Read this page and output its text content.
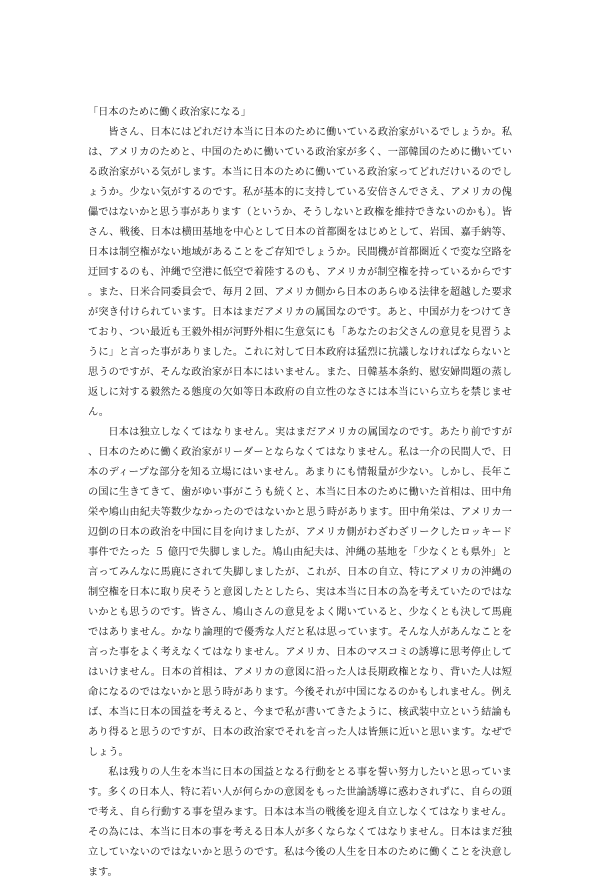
「日本のために働く政治家になる」

皆さん、日本にはどれだけ本当に日本のために働いている政治家がいるでしょうか。私は、アメリカのためと、中国のために働いている政治家が多く、一部韓国のために働いている政治家がいる気がします。本当に日本のために働いている政治家ってどれだけいるのでしょうか。少ない気がするのです。私が基本的に支持している安倍さんでさえ、アメリカの傀儡ではないかと思う事があります（というか、そうしないと政権を維持できないのかも）。皆さん、戦後、日本は横田基地を中心として日本の首都圏をはじめとして、岩国、嘉手納等、日本は制空権がない地域があることをご存知でしょうか。民間機が首都圏近くで変な空路を迂回するのも、沖縄で空港に低空で着陸するのも、アメリカが制空権を持っているからです。また、日米合同委員会で、毎月２回、アメリカ側から日本のあらゆる法律を超越した要求が突き付けられています。日本はまだアメリカの属国なのです。あと、中国が力をつけてきており、つい最近も王毅外相が河野外相に生意気にも「あなたのお父さんの意見を見習うように」と言った事がありました。これに対して日本政府は猛烈に抗議しなければならないと思うのですが、そんな政治家が日本にはいません。また、日韓基本条約、慰安婦問題の蒸し返しに対する毅然たる態度の欠如等日本政府の自立性のなさには本当にいら立ちを禁じません。

日本は独立しなくてはなりません。実はまだアメリカの属国なのです。あたり前ですが、日本のために働く政治家がリーダーとならなくてはなりません。私は一介の民間人で、日本のディープな部分を知る立場にはいません。あまりにも情報量が少ない。しかし、長年この国に生きてきて、歯がゆい事がこうも続くと、本当に日本のために働いた首相は、田中角栄や鳩山由紀夫等数少なかったのではないかと思う時があります。田中角栄は、アメリカ一辺倒の日本の政治を中国に目を向けましたが、アメリカ側がわざわざリークしたロッキード事件でたった ５ 億円で失脚しました。鳩山由紀夫は、沖縄の基地を「少なくとも県外」と言ってみんなに馬鹿にされて失脚しましたが、これが、日本の自立、特にアメリカの沖縄の制空権を日本に取り戻そうと意図したとしたら、実は本当に日本の為を考えていたのではないかとも思うのです。皆さん、鳩山さんの意見をよく聞いていると、少なくとも決して馬鹿ではありません。かなり論理的で優秀な人だと私は思っています。そんな人があんなことを言った事をよく考えなくてはなりません。アメリカ、日本のマスコミの誘導に思考停止してはいけません。日本の首相は、アメリカの意図に沿った人は長期政権となり、背いた人は短命になるのではないかと思う時があります。今後それが中国になるのかもしれません。例えば、本当に日本の国益を考えると、今まで私が書いてきたように、核武装中立という結論もあり得ると思うのですが、日本の政治家でそれを言った人は皆無に近いと思います。なぜでしょう。

私は残りの人生を本当に日本の国益となる行動をとる事を誓い努力したいと思っています。多くの日本人、特に若い人が何らかの意図をもった世論誘導に惑わされずに、自らの頭で考え、自ら行動する事を望みます。日本は本当の戦後を迎え自立しなくてはなりません。その為には、本当に日本の事を考える日本人が多くならなくてはなりません。日本はまだ独立していないのではないかと思うのです。私は今後の人生を日本のために働くことを決意します。
